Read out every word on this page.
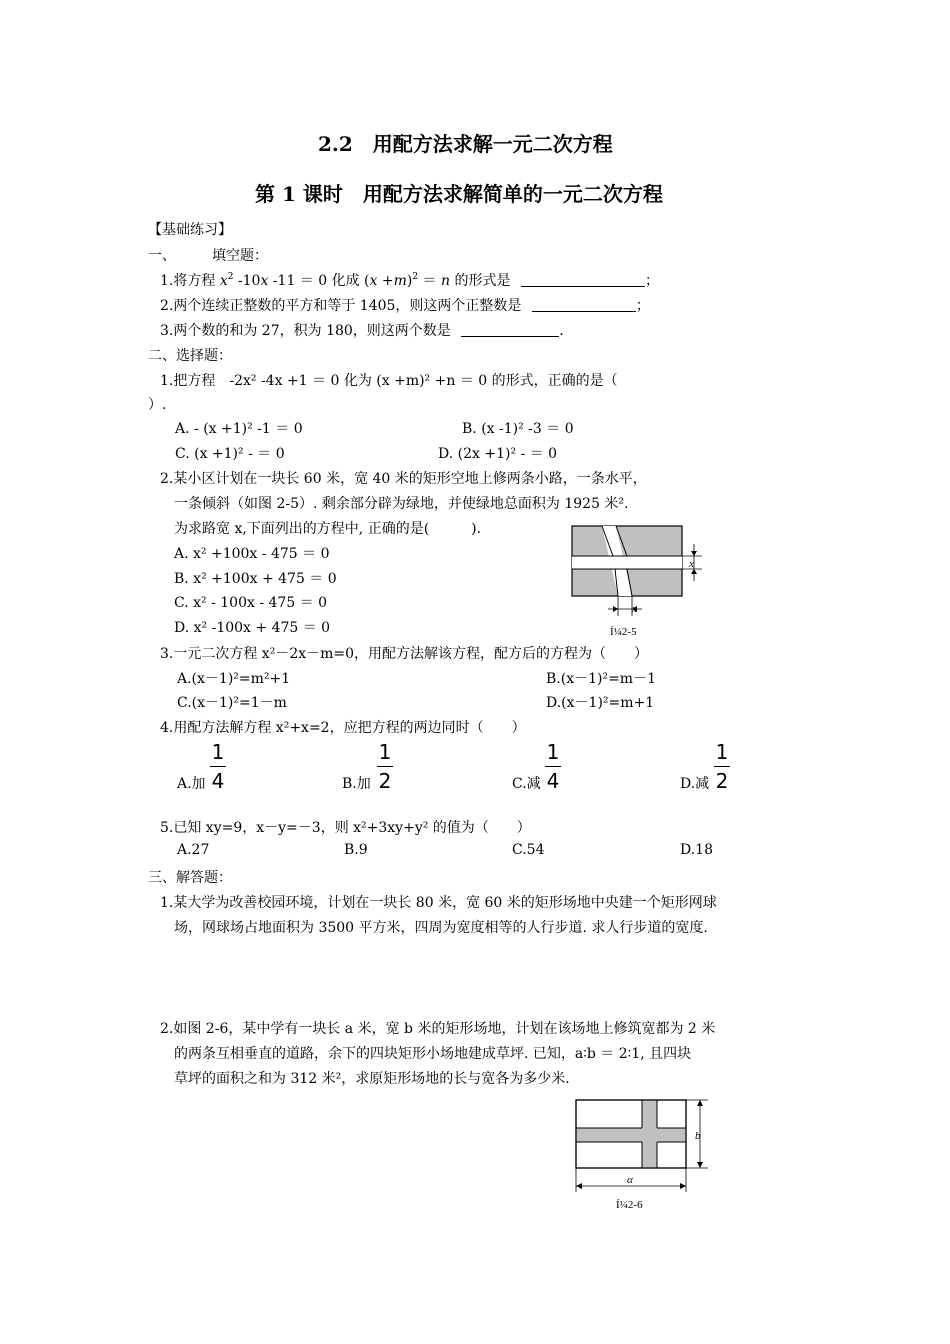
2.2　用配方法求解一元二次方程
第 1 课时　用配方法求解简单的一元二次方程
【基础练习】
一、	填空题：
1.将方程 $x^2$ -10x -11 ＝ 0 化成 $(x +m)^2 = n$ 的形式是	；
2.两个连续正整数的平方和等于 1405，则这两个正整数是	；
3.两个数的和为 27，积为 180，则这两个数是	.
二、选择题：
1.把方程　-2x² -4x +1 ＝ 0 化为 (x +m)² +n ＝ 0 的形式，正确的是（
）.
A. - (x +1)² -1 ＝ 0	B. (x -1)² -3 ＝ 0
C. (x +1)² - ＝ 0	D. (2x +1)² - ＝ 0
2.某小区计划在一块长 60 米，宽 40 米的矩形空地上修两条小路，一条水平，
一条倾斜（如图 2-5）. 剩余部分辟为绿地，并使绿地总面积为 1925 米².
为求路宽 x,下面列出的方程中, 正确的是(　　　).
A. x² +100x - 475 ＝ 0
B. x² +100x + 475 ＝ 0
C. x² - 100x - 475 ＝ 0
D. x² -100x + 475 ＝ 0
x
x
Í¼2-5
3.一元二次方程 x²－2x－m=0，用配方法解该方程，配方后的方程为（　　）
A.(x－1)²=m²+1	B.(x－1)²=m－1
C.(x－1)²=1－m	D.(x－1)²=m+1
4.用配方法解方程 x²+x=2，应把方程的两边同时（　　）
A.加
1
4	B.加
1
2	C.减
1
4	D.减
1
2
5.已知 xy=9，x－y=－3，则 x²+3xy+y² 的值为（　　）
A.27	B.9	C.54	D.18
三、解答题：
1.某大学为改善校园环境，计划在一块长 80 米，宽 60 米的矩形场地中央建一个矩形网球
场，网球场占地面积为 3500 平方米，四周为宽度相等的人行步道. 求人行步道的宽度.
2.如图 2-6，某中学有一块长 a 米，宽 b 米的矩形场地，计划在该场地上修筑宽都为 2 米
的两条互相垂直的道路，余下的四块矩形小场地建成草坪. 已知，a∶b ＝ 2∶1, 且四块
草坪的面积之和为 312 米²，求原矩形场地的长与宽各为多少米.
b
α
Í¼2-6
